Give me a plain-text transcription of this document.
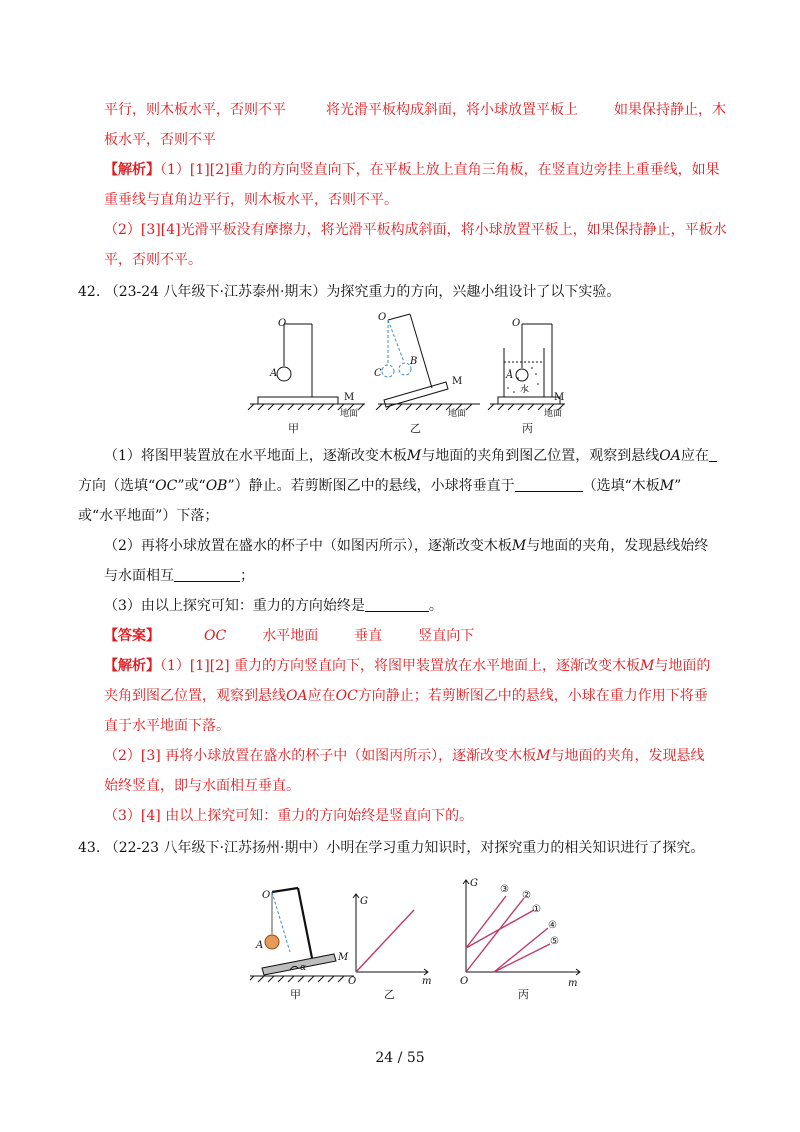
平行，则木板水平，否则不平	将光滑平板构成斜面，将小球放置平板上	如果保持静止，木
板水平，否则不平
【解析】（1）[1][2]重力的方向竖直向下，在平板上放上直角三角板，在竖直边旁挂上重垂线，如果
重垂线与直角边平行，则木板水平，否则不平。
（2）[3][4]光滑平板没有摩擦力，将光滑平板构成斜面，将小球放置平板上，如果保持静止，平板水
平，否则不平。
42. （23-24 八年级下·江苏泰州·期末）为探究重力的方向，兴趣小组设计了以下实验。
O
A
M
地面
甲
O
B
C
M
地面
乙
O
A
水
M
地面
丙
（1）将图甲装置放在水平地面上，逐渐改变木板M与地面的夹角到图乙位置，观察到悬线OA应在
方向（选填“OC”或“OB”）静止。若剪断图乙中的悬线，小球将垂直于	（选填“木板M”
或“水平地面”）下落；
（2）再将小球放置在盛水的杯子中（如图丙所示），逐渐改变木板M与地面的夹角，发现悬线始终
与水面相互	；
（3）由以上探究可知：重力的方向始终是	。
【答案】	OC	水平地面	垂直	竖直向下
【解析】（1）[1][2] 重力的方向竖直向下，将图甲装置放在水平地面上，逐渐改变木板M与地面的
夹角到图乙位置，观察到悬线OA应在OC方向静止；若剪断图乙中的悬线，小球在重力作用下将垂
直于水平地面下落。
（2）[3] 再将小球放置在盛水的杯子中（如图丙所示），逐渐改变木板M与地面的夹角，发现悬线
始终竖直，即与水面相互垂直。
（3）[4] 由以上探究可知：重力的方向始终是竖直向下的。
43. （22-23 八年级下·江苏扬州·期中）小明在学习重力知识时，对探究重力的相关知识进行了探究。
O
A
M
α
甲
G
O	m
乙
G
O	m
③
②
①
④
⑤
丙
24 / 55
